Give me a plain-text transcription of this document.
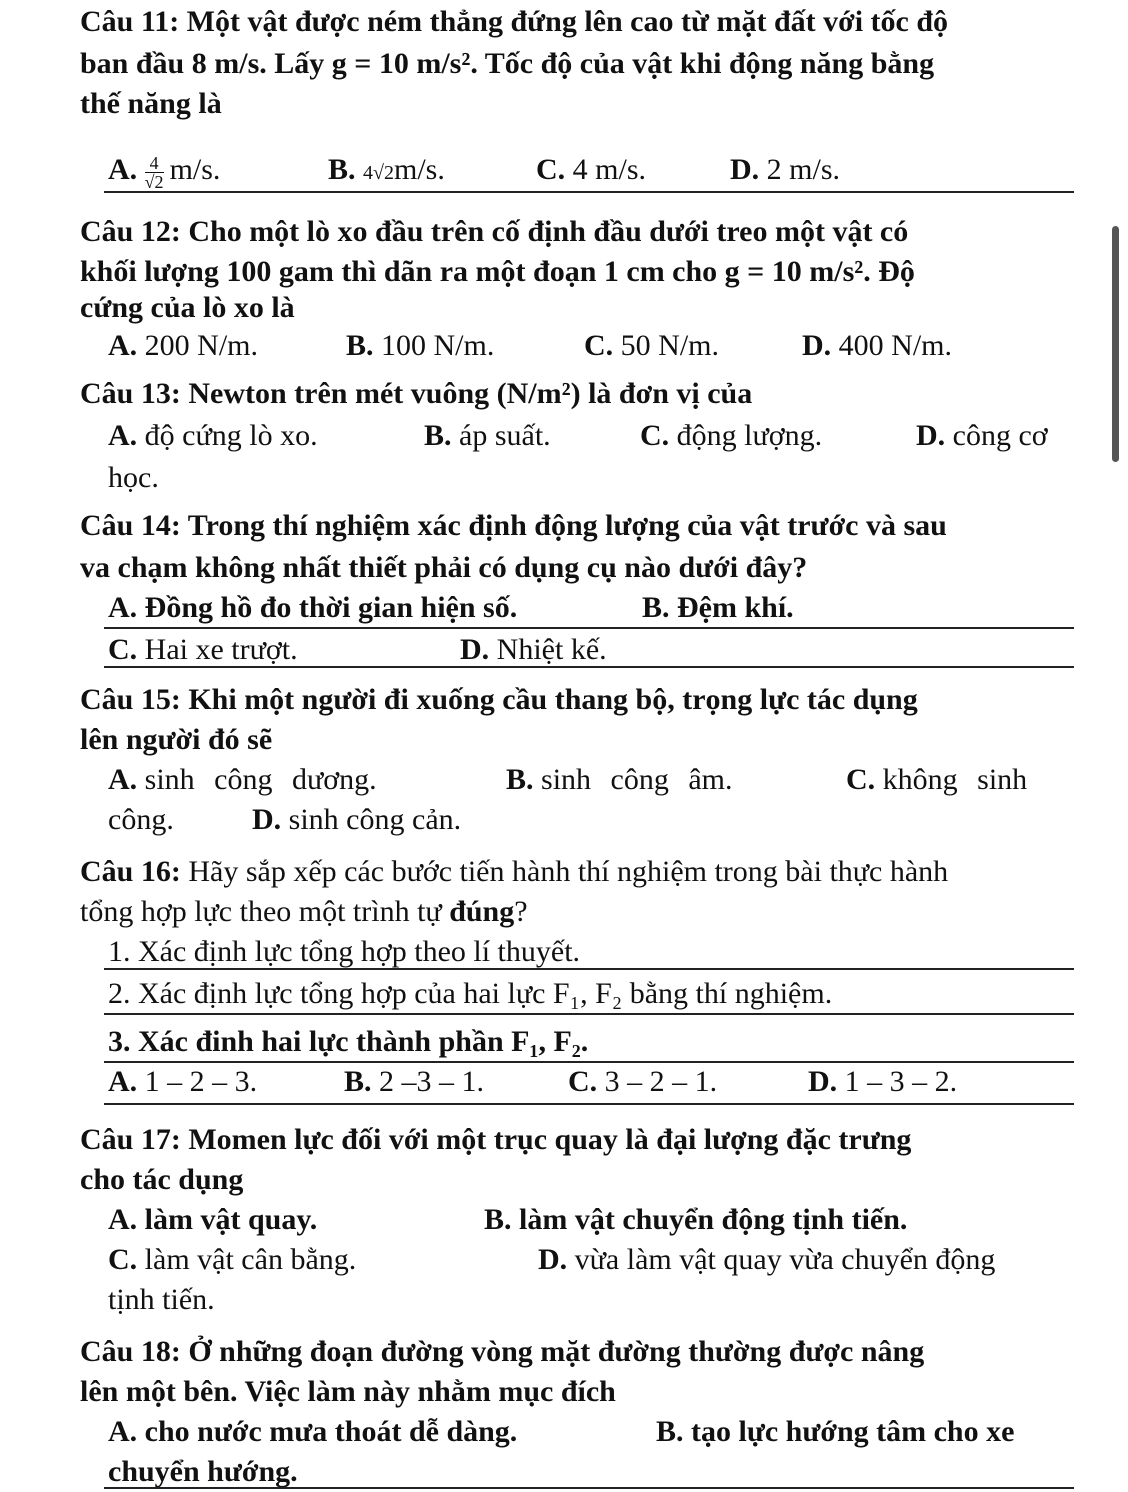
Câu 11: Một vật được ném thẳng đứng lên cao từ mặt đất với tốc độ
ban đầu 8 m/s. Lấy g = 10 m/s². Tốc độ của vật khi động năng bằng
thế năng là
A. $\frac{4}{√2} m/s$.	B. 4√2m/s.	C. 4 m/s.	D. 2 m/s.
Câu 12: Cho một lò xo đầu trên cố định đầu dưới treo một vật có
khối lượng 100 gam thì dãn ra một đoạn 1 cm cho g = 10 m/s². Độ
cứng của lò xo là
A. 200 N/m.	B. 100 N/m.	C. 50 N/m.	D. 400 N/m.
Câu 13: Newton trên mét vuông (N/m²) là đơn vị của
A. độ cứng lò xo.	B. áp suất.	C. động lượng.	D. công cơ
học.
Câu 14: Trong thí nghiệm xác định động lượng của vật trước và sau
va chạm không nhất thiết phải có dụng cụ nào dưới đây?
A. Đồng hồ đo thời gian hiện số.	B. Đệm khí.
C. Hai xe trượt.	D. Nhiệt kế.
Câu 15: Khi một người đi xuống cầu thang bộ, trọng lực tác dụng
lên người đó sẽ
A. sinh công dương.	B. sinh công âm.	C. không sinh
công.	D. sinh công cản.
Câu 16: Hãy sắp xếp các bước tiến hành thí nghiệm trong bài thực hành
tổng hợp lực theo một trình tự đúng?
1. Xác định lực tổng hợp theo lí thuyết.
2. Xác định lực tổng hợp của hai lực F₁, F₂ bằng thí nghiệm.
3. Xác đinh hai lực thành phần F₁, F₂.
A. 1 – 2 – 3.	B. 2 –3 – 1.	C. 3 – 2 – 1.	D. 1 – 3 – 2.
Câu 17: Momen lực đối với một trục quay là đại lượng đặc trưng
cho tác dụng
A. làm vật quay.	B. làm vật chuyển động tịnh tiến.
C. làm vật cân bằng.	D. vừa làm vật quay vừa chuyển động
tịnh tiến.
Câu 18: Ở những đoạn đường vòng mặt đường thường được nâng
lên một bên. Việc làm này nhằm mục đích
A. cho nước mưa thoát dễ dàng.	B. tạo lực hướng tâm cho xe
chuyển hướng.
